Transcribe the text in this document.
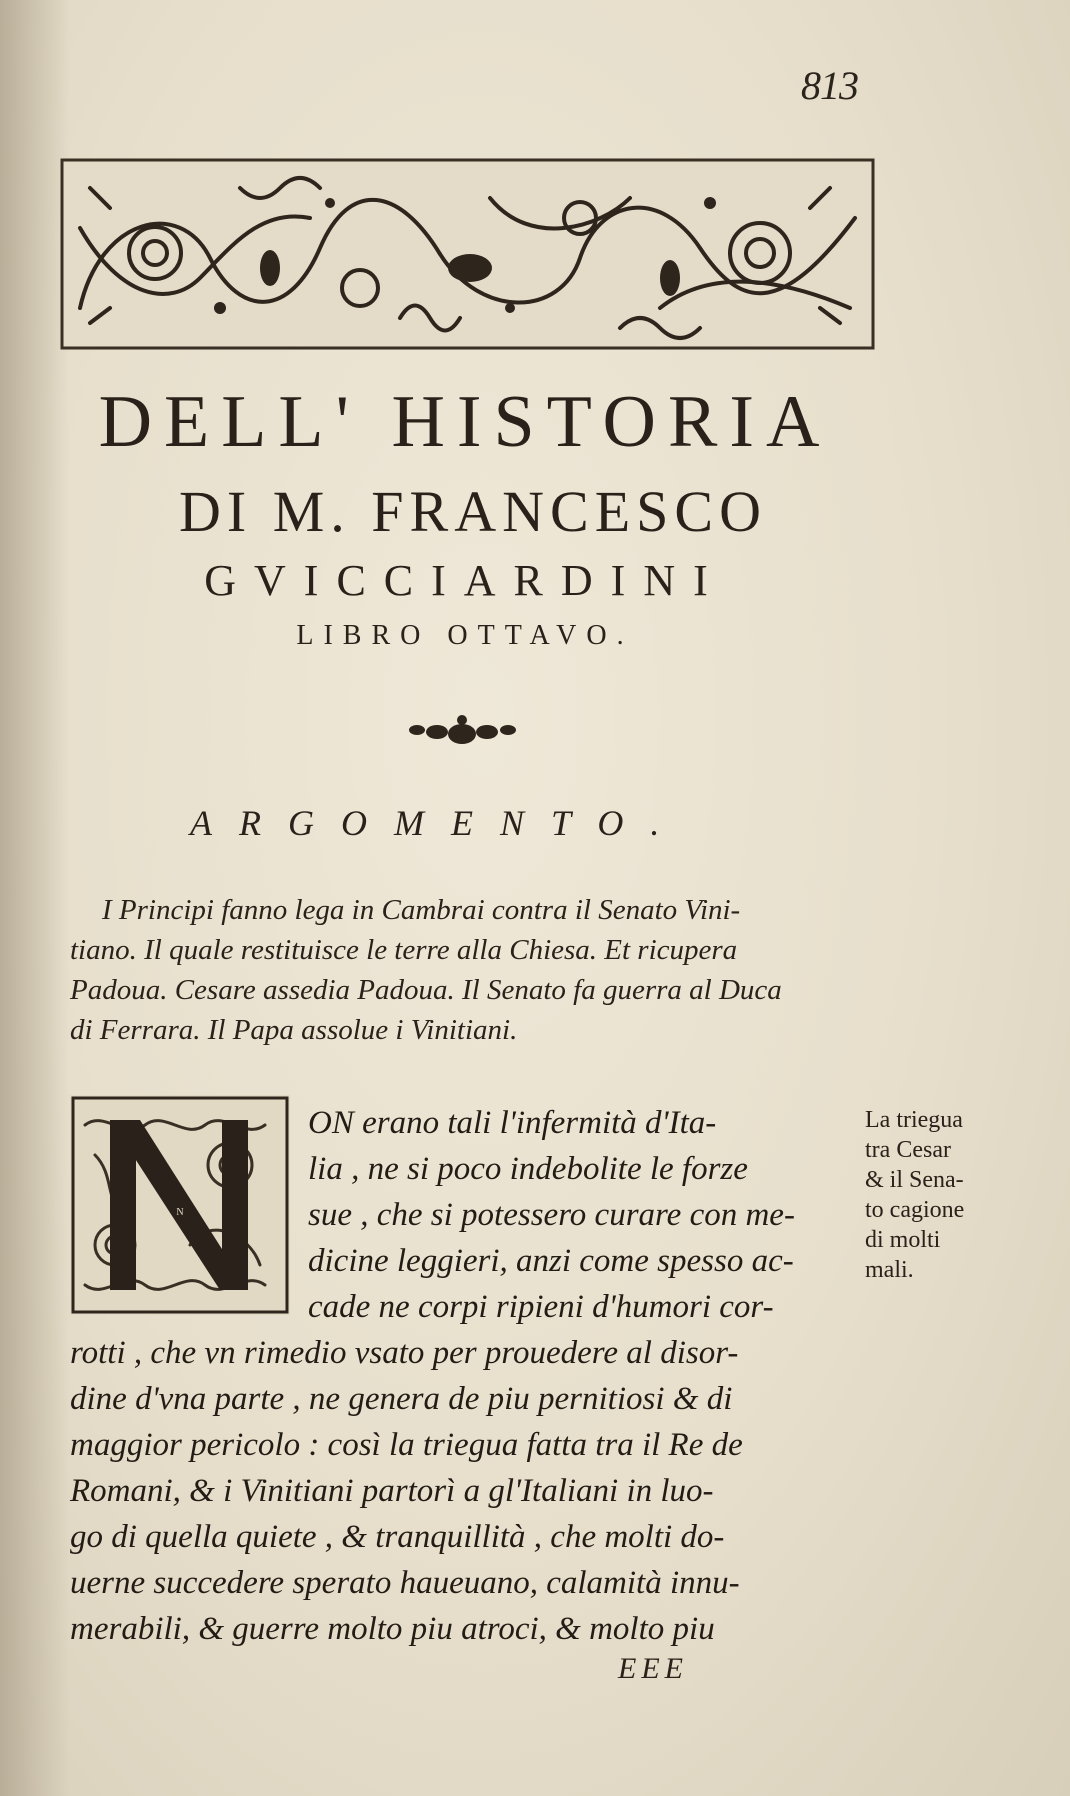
813
DELL' HISTORIA
DI M. FRANCESCO
GVICCIARDINI
LIBRO OTTAVO.
ARGOMENTO.
I Principi fanno lega in Cambrai contra il Senato Vini-
tiano. Il quale restituisce le terre alla Chiesa. Et ricupera
Padoua. Cesare assedia Padoua. Il Senato fa guerra al Duca
di Ferrara. Il Papa assolue i Vinitiani.
N
ON erano tali l'infermità d'Ita-
lia , ne si poco indebolite le forze
sue , che si potessero curare con me-
dicine leggieri, anzi come spesso ac-
cade ne corpi ripieni d'humori cor-
rotti , che vn rimedio vsato per prouedere al disor-
dine d'vna parte , ne genera de piu pernitiosi & di
maggior pericolo : così la triegua fatta tra il Re de
Romani, & i Vinitiani partorì a gl'Italiani in luo-
go di quella quiete , & tranquillità , che molti do-
uerne succedere sperato haueuano, calamità innu-
merabili, & guerre molto piu atroci, & molto piu
La triegua
tra Cesar
& il Sena-
to cagione
di molti
mali.
EEE
